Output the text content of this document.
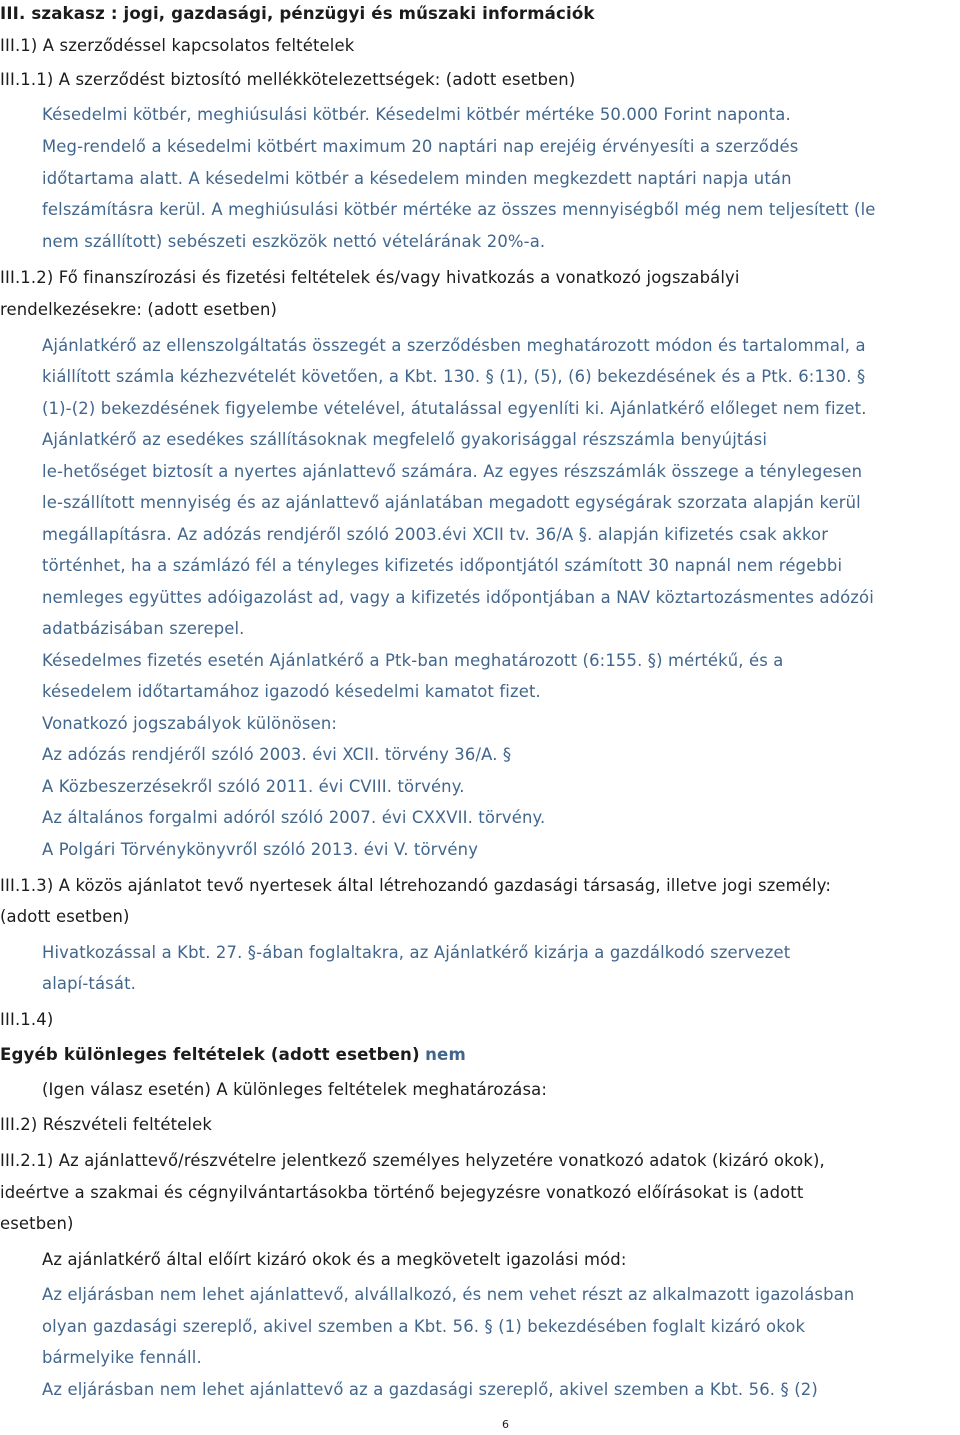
III. szakasz : jogi, gazdasági, pénzügyi és műszaki információk
III.1) A szerződéssel kapcsolatos feltételek
III.1.1) A szerződést biztosító mellékkötelezettségek: (adott esetben)
Késedelmi kötbér, meghiúsulási kötbér. Késedelmi kötbér mértéke 50.000 Forint naponta.
Meg-rendelő a késedelmi kötbért maximum 20 naptári nap erejéig érvényesíti a szerződés
időtartama alatt. A késedelmi kötbér a késedelem minden megkezdett naptári napja után
felszámításra kerül. A meghiúsulási kötbér mértéke az összes mennyiségből még nem teljesített (le
nem szállított) sebészeti eszközök nettó vételárának 20%-a.
III.1.2) Fő finanszírozási és fizetési feltételek és/vagy hivatkozás a vonatkozó jogszabályi
rendelkezésekre: (adott esetben)
Ajánlatkérő az ellenszolgáltatás összegét a szerződésben meghatározott módon és tartalommal, a
kiállított számla kézhezvételét követően, a Kbt. 130. § (1), (5), (6) bekezdésének és a Ptk. 6:130. §
(1)-(2) bekezdésének figyelembe vételével, átutalással egyenlíti ki. Ajánlatkérő előleget nem fizet.
Ajánlatkérő az esedékes szállításoknak megfelelő gyakorisággal részszámla benyújtási
le-hetőséget biztosít a nyertes ajánlattevő számára. Az egyes részszámlák összege a ténylegesen
le-szállított mennyiség és az ajánlattevő ajánlatában megadott egységárak szorzata alapján kerül
megállapításra. Az adózás rendjéről szóló 2003.évi XCII tv. 36/A §. alapján kifizetés csak akkor
történhet, ha a számlázó fél a tényleges kifizetés időpontjától számított 30 napnál nem régebbi
nemleges együttes adóigazolást ad, vagy a kifizetés időpontjában a NAV köztartozásmentes adózói
adatbázisában szerepel.
Késedelmes fizetés esetén Ajánlatkérő a Ptk-ban meghatározott (6:155. §) mértékű, és a
késedelem időtartamához igazodó késedelmi kamatot fizet.
Vonatkozó jogszabályok különösen:
Az adózás rendjéről szóló 2003. évi XCII. törvény 36/A. §
A Közbeszerzésekről szóló 2011. évi CVIII. törvény.
Az általános forgalmi adóról szóló 2007. évi CXXVII. törvény.
A Polgári Törvénykönyvről szóló 2013. évi V. törvény
III.1.3) A közös ajánlatot tevő nyertesek által létrehozandó gazdasági társaság, illetve jogi személy:
(adott esetben)
Hivatkozással a Kbt. 27. §-ában foglaltakra, az Ajánlatkérő kizárja a gazdálkodó szervezet
alapí-tását.
III.1.4)
Egyéb különleges feltételek (adott esetben) nem
(Igen válasz esetén) A különleges feltételek meghatározása:
III.2) Részvételi feltételek
III.2.1) Az ajánlattevő/részvételre jelentkező személyes helyzetére vonatkozó adatok (kizáró okok),
ideértve a szakmai és cégnyilvántartásokba történő bejegyzésre vonatkozó előírásokat is (adott
esetben)
Az ajánlatkérő által előírt kizáró okok és a megkövetelt igazolási mód:
Az eljárásban nem lehet ajánlattevő, alvállalkozó, és nem vehet részt az alkalmazott igazolásban
olyan gazdasági szereplő, akivel szemben a Kbt. 56. § (1) bekezdésében foglalt kizáró okok
bármelyike fennáll.
Az eljárásban nem lehet ajánlattevő az a gazdasági szereplő, akivel szemben a Kbt. 56. § (2)
6
